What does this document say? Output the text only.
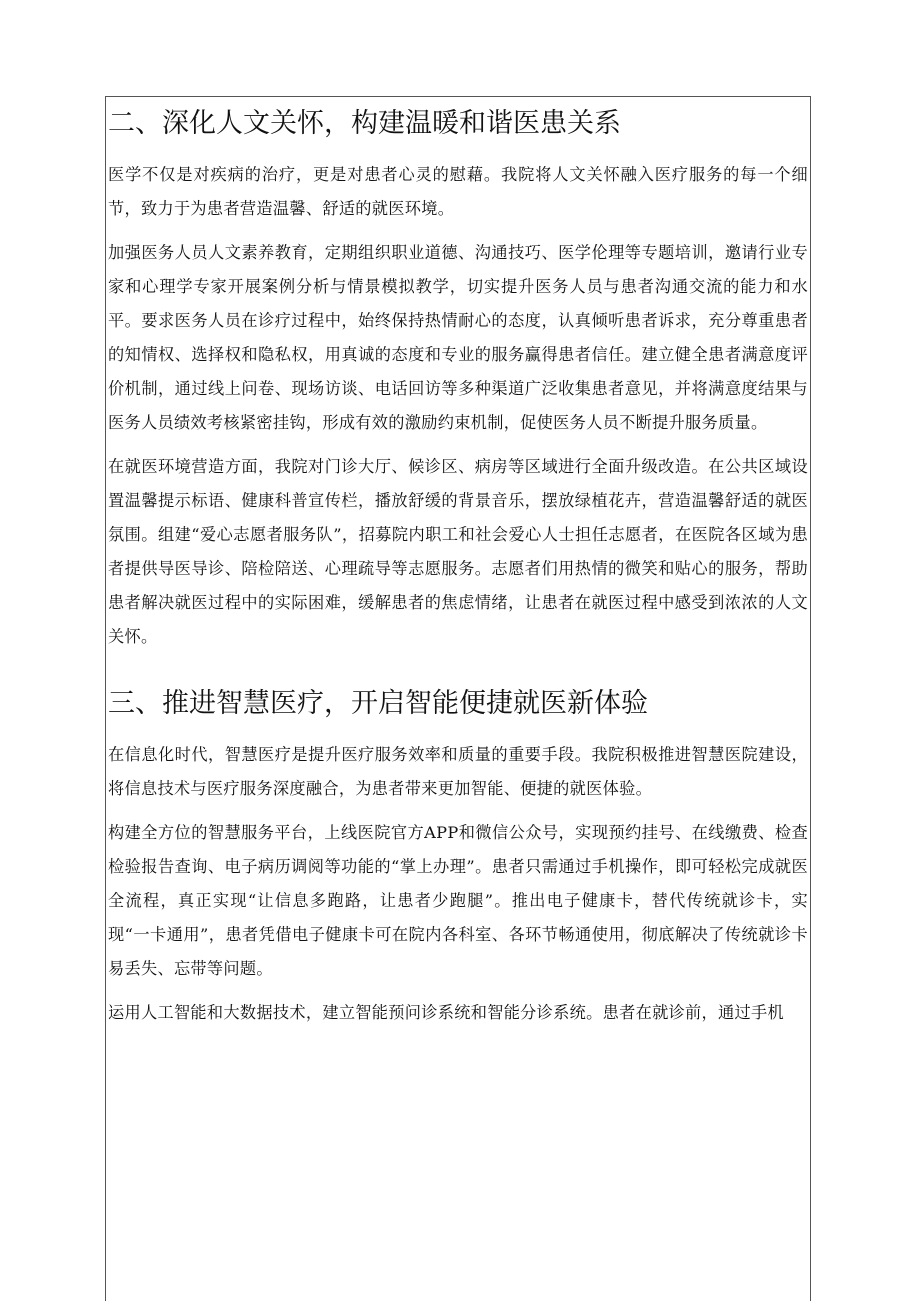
二、深化人文关怀，构建温暖和谐医患关系

医学不仅是对疾病的治疗，更是对患者心灵的慰藉。我院将人文关怀融入医疗服务的每一个细节，致力于为患者营造温馨、舒适的就医环境。

加强医务人员人文素养教育，定期组织职业道德、沟通技巧、医学伦理等专题培训，邀请行业专家和心理学专家开展案例分析与情景模拟教学，切实提升医务人员与患者沟通交流的能力和水平。要求医务人员在诊疗过程中，始终保持热情耐心的态度，认真倾听患者诉求，充分尊重患者的知情权、选择权和隐私权，用真诚的态度和专业的服务赢得患者信任。建立健全患者满意度评价机制，通过线上问卷、现场访谈、电话回访等多种渠道广泛收集患者意见，并将满意度结果与医务人员绩效考核紧密挂钩，形成有效的激励约束机制，促使医务人员不断提升服务质量。

在就医环境营造方面，我院对门诊大厅、候诊区、病房等区域进行全面升级改造。在公共区域设置温馨提示标语、健康科普宣传栏，播放舒缓的背景音乐，摆放绿植花卉，营造温馨舒适的就医氛围。组建“爱心志愿者服务队”，招募院内职工和社会爱心人士担任志愿者，在医院各区域为患者提供导医导诊、陪检陪送、心理疏导等志愿服务。志愿者们用热情的微笑和贴心的服务，帮助患者解决就医过程中的实际困难，缓解患者的焦虑情绪，让患者在就医过程中感受到浓浓的人文关怀。

三、推进智慧医疗，开启智能便捷就医新体验

在信息化时代，智慧医疗是提升医疗服务效率和质量的重要手段。我院积极推进智慧医院建设，将信息技术与医疗服务深度融合，为患者带来更加智能、便捷的就医体验。

构建全方位的智慧服务平台，上线医院官方APP和微信公众号，实现预约挂号、在线缴费、检查检验报告查询、电子病历调阅等功能的“掌上办理”。患者只需通过手机操作，即可轻松完成就医全流程，真正实现“让信息多跑路，让患者少跑腿”。推出电子健康卡，替代传统就诊卡，实现“一卡通用”，患者凭借电子健康卡可在院内各科室、各环节畅通使用，彻底解决了传统就诊卡易丢失、忘带等问题。

运用人工智能和大数据技术，建立智能预问诊系统和智能分诊系统。患者在就诊前，通过手机
